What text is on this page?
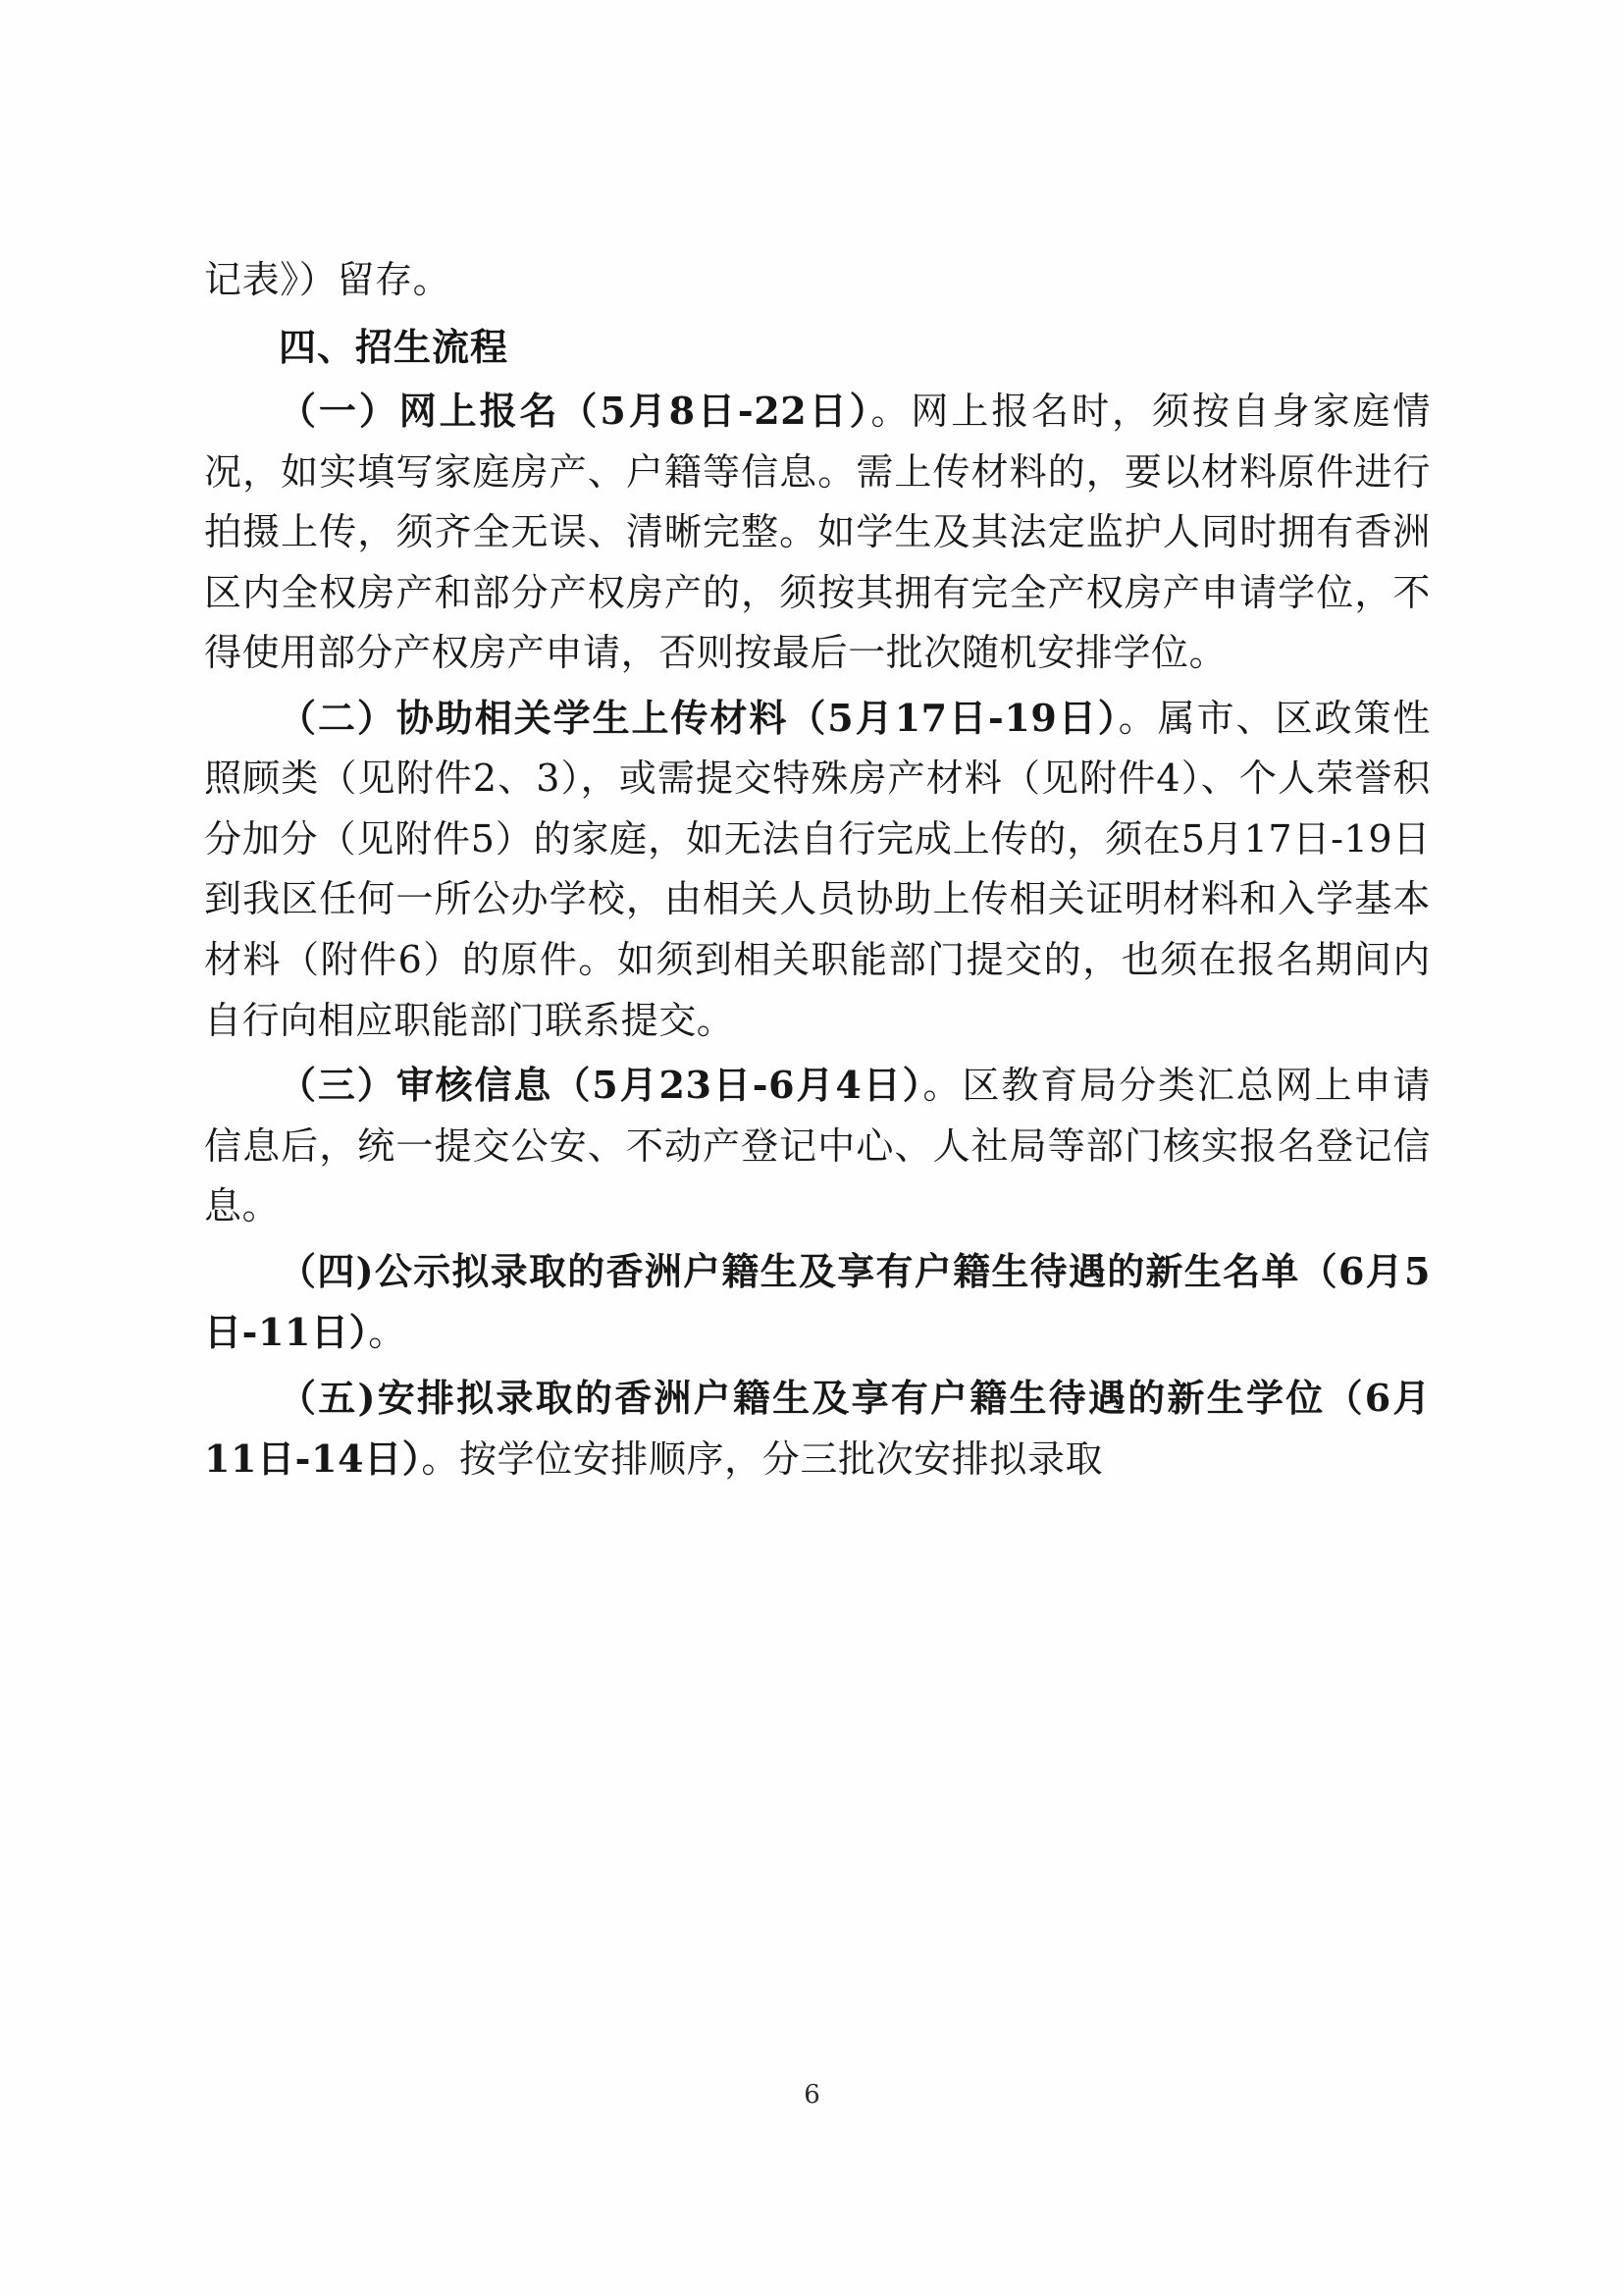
记表》）留存。

四、招生流程

（一）网上报名（5月8日-22日）。网上报名时，须按自身家庭情况，如实填写家庭房产、户籍等信息。需上传材料的，要以材料原件进行拍摄上传，须齐全无误、清晰完整。如学生及其法定监护人同时拥有香洲区内全权房产和部分产权房产的，须按其拥有完全产权房产申请学位，不得使用部分产权房产申请，否则按最后一批次随机安排学位。

（二）协助相关学生上传材料（5月17日-19日）。属市、区政策性照顾类（见附件2、3），或需提交特殊房产材料（见附件4）、个人荣誉积分加分（见附件5）的家庭，如无法自行完成上传的，须在5月17日-19日到我区任何一所公办学校，由相关人员协助上传相关证明材料和入学基本材料（附件6）的原件。如须到相关职能部门提交的，也须在报名期间内自行向相应职能部门联系提交。

（三）审核信息（5月23日-6月4日）。区教育局分类汇总网上申请信息后，统一提交公安、不动产登记中心、人社局等部门核实报名登记信息。

（四)公示拟录取的香洲户籍生及享有户籍生待遇的新生名单（6月5日-11日）。

（五)安排拟录取的香洲户籍生及享有户籍生待遇的新生学位（6月11日-14日）。按学位安排顺序，分三批次安排拟录取

6
